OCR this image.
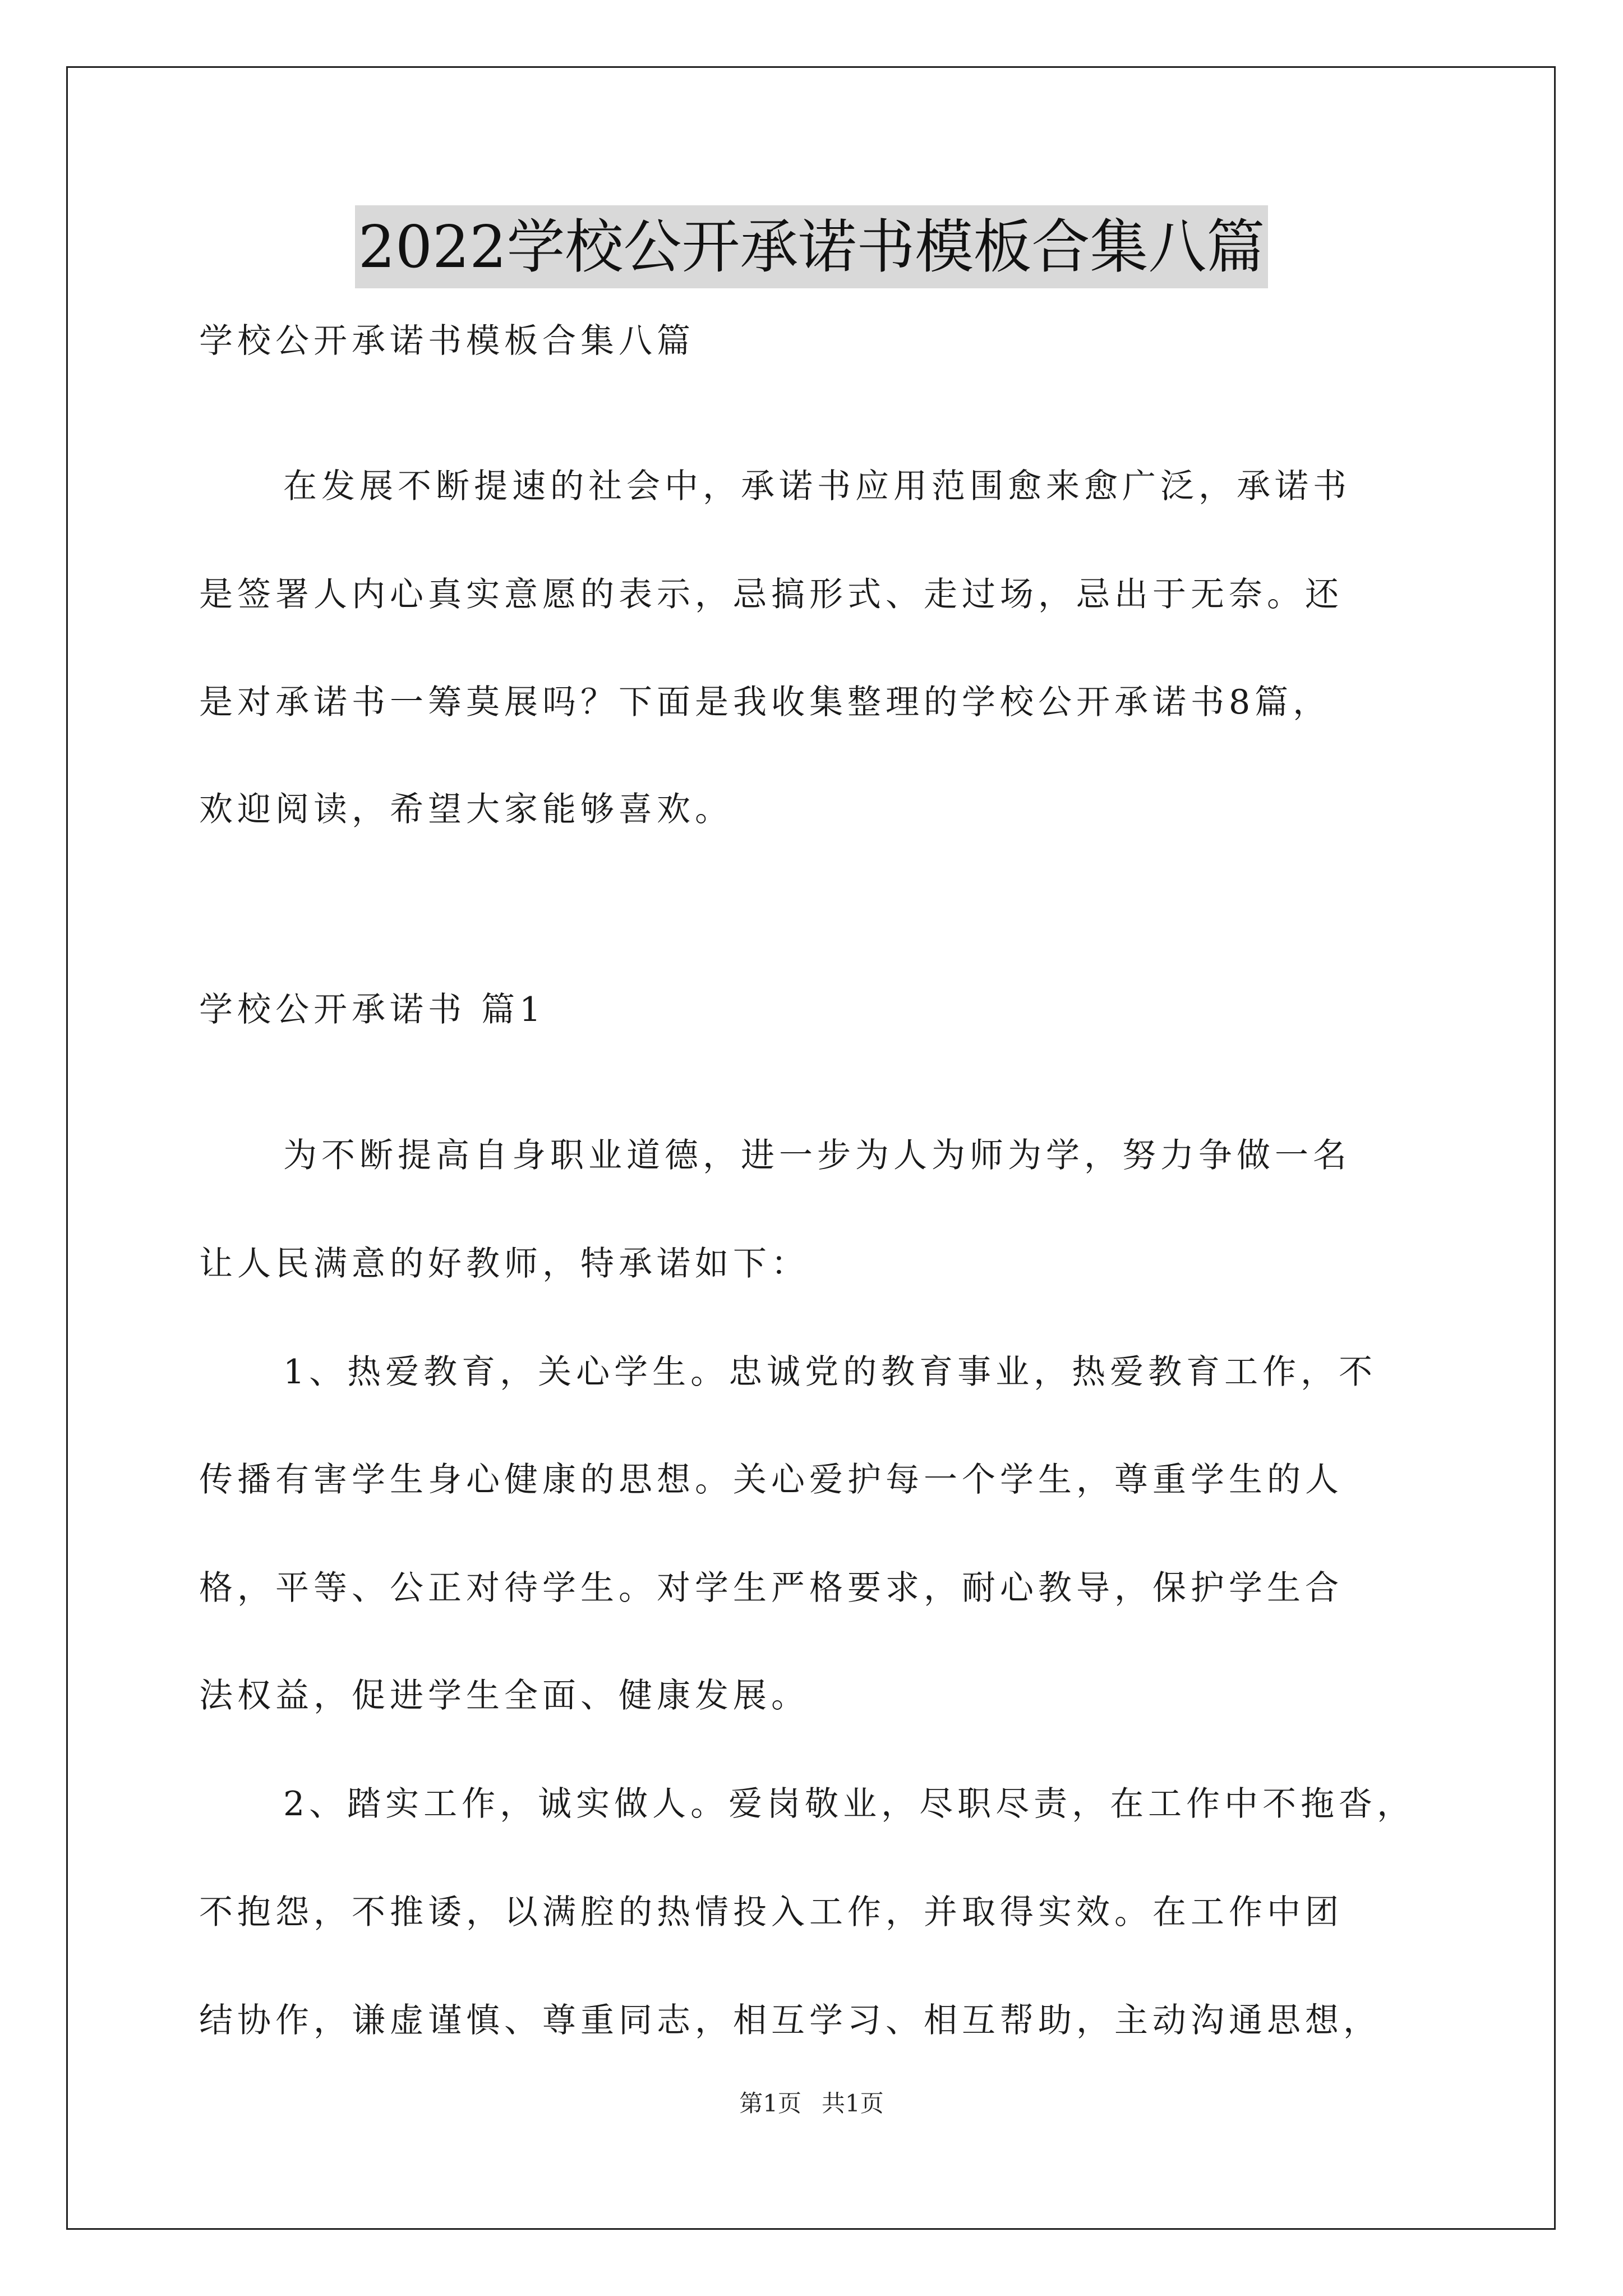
2022学校公开承诺书模板合集八篇
学校公开承诺书模板合集八篇
在发展不断提速的社会中，承诺书应用范围愈来愈广泛，承诺书
是签署人内心真实意愿的表示，忌搞形式、走过场，忌出于无奈。还
是对承诺书一筹莫展吗？下面是我收集整理的学校公开承诺书8篇，
欢迎阅读，希望大家能够喜欢。
学校公开承诺书 篇1
为不断提高自身职业道德，进一步为人为师为学，努力争做一名
让人民满意的好教师，特承诺如下：
1、热爱教育，关心学生。忠诚党的教育事业，热爱教育工作，不
传播有害学生身心健康的思想。关心爱护每一个学生，尊重学生的人
格，平等、公正对待学生。对学生严格要求，耐心教导，保护学生合
法权益，促进学生全面、健康发展。
2、踏实工作，诚实做人。爱岗敬业，尽职尽责，在工作中不拖沓，
不抱怨，不推诿，以满腔的热情投入工作，并取得实效。在工作中团
结协作，谦虚谨慎、尊重同志，相互学习、相互帮助，主动沟通思想，
第1页 共1页
